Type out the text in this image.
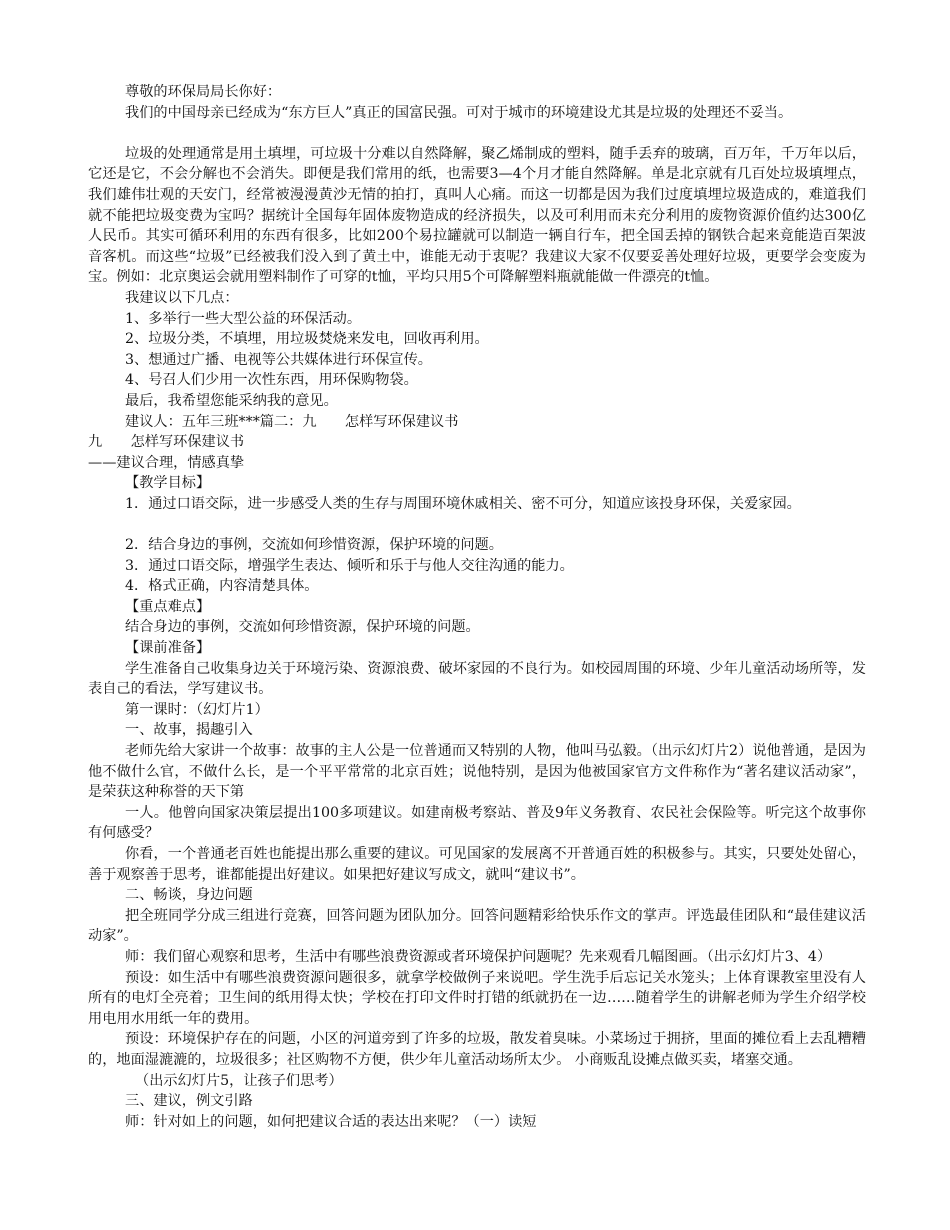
尊敬的环保局局长你好：

我们的中国母亲已经成为“东方巨人”真正的国富民强。可对于城市的环境建设尤其是垃圾的处理还不妥当。

垃圾的处理通常是用土填埋，可垃圾十分难以自然降解，聚乙烯制成的塑料，随手丢弃的玻璃，百万年，千万年以后，它还是它，不会分解也不会消失。即便是我们常用的纸，也需要3—4个月才能自然降解。单是北京就有几百处垃圾填埋点，我们雄伟壮观的天安门，经常被漫漫黄沙无情的拍打，真叫人心痛。而这一切都是因为我们过度填埋垃圾造成的，难道我们就不能把垃圾变费为宝吗？据统计全国每年固体废物造成的经济损失，以及可利用而未充分利用的废物资源价值约达300亿人民币。其实可循环利用的东西有很多，比如200个易拉罐就可以制造一辆自行车，把全国丢掉的钢铁合起来竟能造百架波音客机。而这些“垃圾”已经被我们没入到了黄土中，谁能无动于衷呢？我建议大家不仅要妥善处理好垃圾，更要学会变废为宝。例如：北京奥运会就用塑料制作了可穿的t恤，平均只用5个可降解塑料瓶就能做一件漂亮的t恤。

我建议以下几点：

1、多举行一些大型公益的环保活动。

2、垃圾分类，不填埋，用垃圾焚烧来发电，回收再利用。

3、想通过广播、电视等公共媒体进行环保宣传。

4、号召人们少用一次性东西，用环保购物袋。

最后，我希望您能采纳我的意见。

建议人：五年三班***篇二：九　　怎样写环保建议书

九　　怎样写环保建议书

——建议合理，情感真挚

【教学目标】

1．通过口语交际，进一步感受人类的生存与周围环境休戚相关、密不可分，知道应该投身环保，关爱家园。

2．结合身边的事例，交流如何珍惜资源，保护环境的问题。

3．通过口语交际，增强学生表达、倾听和乐于与他人交往沟通的能力。

4．格式正确，内容清楚具体。

【重点难点】

结合身边的事例，交流如何珍惜资源，保护环境的问题。

【课前准备】

学生准备自己收集身边关于环境污染、资源浪费、破坏家园的不良行为。如校园周围的环境、少年儿童活动场所等，发表自己的看法，学写建议书。

第一课时：（幻灯片1）

一、故事，揭趣引入

老师先给大家讲一个故事：故事的主人公是一位普通而又特别的人物，他叫马弘毅。（出示幻灯片2）说他普通，是因为他不做什么官，不做什么长，是一个平平常常的北京百姓；说他特别，是因为他被国家官方文件称作为“著名建议活动家”，是荣获这种称誉的天下第

一人。他曾向国家决策层提出100多项建议。如建南极考察站、普及9年义务教育、农民社会保险等。听完这个故事你有何感受？

你看，一个普通老百姓也能提出那么重要的建议。可见国家的发展离不开普通百姓的积极参与。其实，只要处处留心，善于观察善于思考，谁都能提出好建议。如果把好建议写成文，就叫“建议书”。

二、畅谈，身边问题

把全班同学分成三组进行竞赛，回答问题为团队加分。回答问题精彩给快乐作文的掌声。评选最佳团队和“最佳建议活动家”。

师：我们留心观察和思考，生活中有哪些浪费资源或者环境保护问题呢？先来观看几幅图画。（出示幻灯片3、4）

预设：如生活中有哪些浪费资源问题很多，就拿学校做例子来说吧。学生洗手后忘记关水笼头；上体育课教室里没有人所有的电灯全亮着；卫生间的纸用得太快；学校在打印文件时打错的纸就扔在一边……随着学生的讲解老师为学生介绍学校用电用水用纸一年的费用。

预设：环境保护存在的问题，小区的河道旁到了许多的垃圾，散发着臭味。小菜场过于拥挤，里面的摊位看上去乱糟糟的，地面湿漉漉的，垃圾很多；社区购物不方便，供少年儿童活动场所太少。 小商贩乱设摊点做买卖，堵塞交通。

（出示幻灯片5，让孩子们思考）

三、建议，例文引路

师：针对如上的问题，如何把建议合适的表达出来呢？（一）读短
